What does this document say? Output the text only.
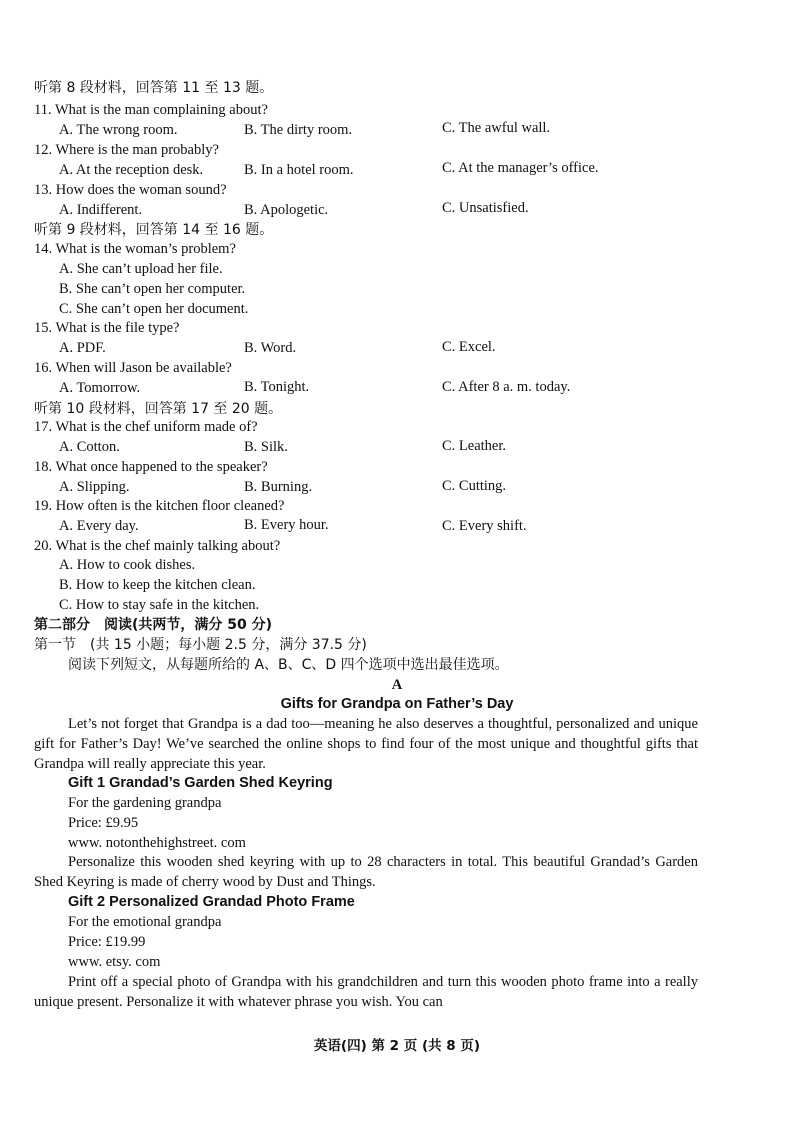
听第 8 段材料，回答第 11 至 13 题。
11. What is the man complaining about?
A. The wrong room.	B. The dirty room.	C. The awful wall.
12. Where is the man probably?
A. At the reception desk.	B. In a hotel room.	C. At the manager’s office.
13. How does the woman sound?
A. Indifferent.	B. Apologetic.	C. Unsatisfied.
听第 9 段材料，回答第 14 至 16 题。
14. What is the woman’s problem?
A. She can’t upload her file.
B. She can’t open her computer.
C. She can’t open her document.
15. What is the file type?
A. PDF.	B. Word.	C. Excel.
16. When will Jason be available?
A. Tomorrow.	B. Tonight.	C. After 8 a. m. today.
听第 10 段材料，回答第 17 至 20 题。
17. What is the chef uniform made of?
A. Cotton.	B. Silk.	C. Leather.
18. What once happened to the speaker?
A. Slipping.	B. Burning.	C. Cutting.
19. How often is the kitchen floor cleaned?
A. Every day.	B. Every hour.	C. Every shift.
20. What is the chef mainly talking about?
A. How to cook dishes.
B. How to keep the kitchen clean.
C. How to stay safe in the kitchen.
第二部分　阅读(共两节，满分 50 分)
第一节　(共 15 小题；每小题 2.5 分，满分 37.5 分)
阅读下列短文，从每题所给的 A、B、C、D 四个选项中选出最佳选项。
A
Gifts for Grandpa on Father’s Day

Let’s not forget that Grandpa is a dad too—meaning he also deserves a thoughtful, personalized and unique gift for Father’s Day! We’ve searched the online shops to find four of the most unique and thoughtful gifts that Grandpa will really appreciate this year.

Gift 1 Grandad’s Garden Shed Keyring
For the gardening grandpa
Price: £9.95
www. notonthehighstreet. com

Personalize this wooden shed keyring with up to 28 characters in total. This beautiful Grandad’s Garden Shed Keyring is made of cherry wood by Dust and Things.

Gift 2 Personalized Grandad Photo Frame
For the emotional grandpa
Price: £19.99
www. etsy. com

Print off a special photo of Grandpa with his grandchildren and turn this wooden photo frame into a really unique present. Personalize it with whatever phrase you wish. You can

英语(四) 第 2 页 (共 8 页)
